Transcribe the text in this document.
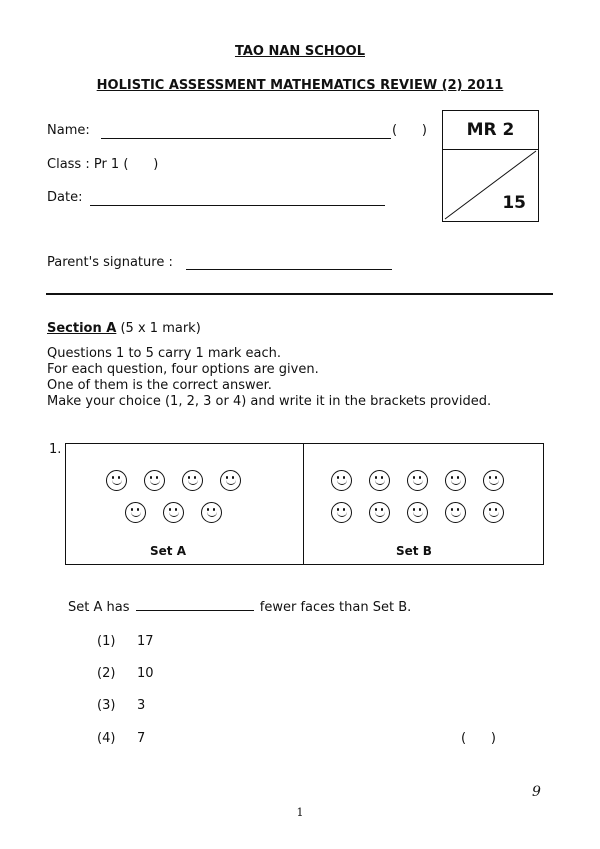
TAO NAN SCHOOL
HOLISTIC ASSESSMENT MATHEMATICS REVIEW (2) 2011
Name:	(      )
Class : Pr 1 (      )
Date:
MR 2
15
Parent's signature :
Section A (5 x 1 mark)
Questions 1 to 5 carry 1 mark each.
For each question, four options are given.
One of them is the correct answer.
Make your choice (1, 2, 3 or 4) and write it in the brackets provided.
1.
Set A	Set B
Set A has	fewer faces than Set B.
(1) 17
(2) 10
(3) 3
(4) 7	(      )
9
1
